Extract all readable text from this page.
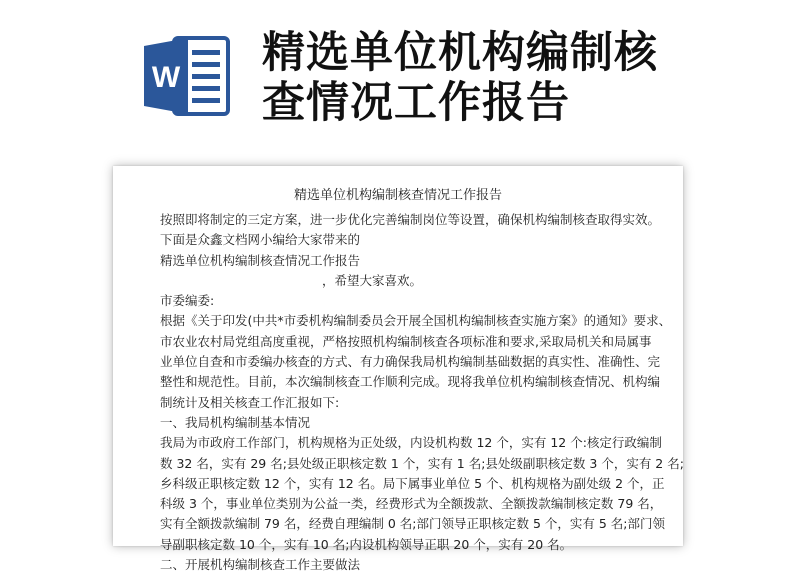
W 精选单位机构编制核
查情况工作报告
精选单位机构编制核查情况工作报告
按照即将制定的三定方案，进一步优化完善编制岗位等设置，确保机构编制核查取得实效。
下面是众鑫文档网小编给大家带来的
精选单位机构编制核查情况工作报告
，希望大家喜欢。
市委编委:
根据《关于印发(中共*市委机构编制委员会开展全国机构编制核查实施方案》的通知》要求、
市农业农村局党组高度重视，严格按照机构编制核查各项标准和要求,采取局机关和局属事
业单位自查和市委编办核查的方式、有力确保我局机构编制基础数据的真实性、准确性、完
整性和规范性。目前，本次编制核查工作顺利完成。现将我单位机构编制核查情况、机构编
制统计及相关核查工作汇报如下:
一、我局机构编制基本情况
我局为市政府工作部门，机构规格为正处级，内设机构数 12 个，实有 12 个:核定行政编制
数 32 名，实有 29 名;县处级正职核定数 1 个，实有 1 名;县处级副职核定数 3 个，实有 2 名;
乡科级正职核定数 12 个，实有 12 名。局下属事业单位 5 个、机构规格为副处级 2 个，正
科级 3 个，事业单位类别为公益一类，经费形式为全额拨款、全额拨款编制核定数 79 名，
实有全额拨款编制 79 名，经费自理编制 0 名;部门领导正职核定数 5 个，实有 5 名;部门领
导副职核定数 10 个，实有 10 名;内设机构领导正职 20 个，实有 20 名。
二、开展机构编制核查工作主要做法
